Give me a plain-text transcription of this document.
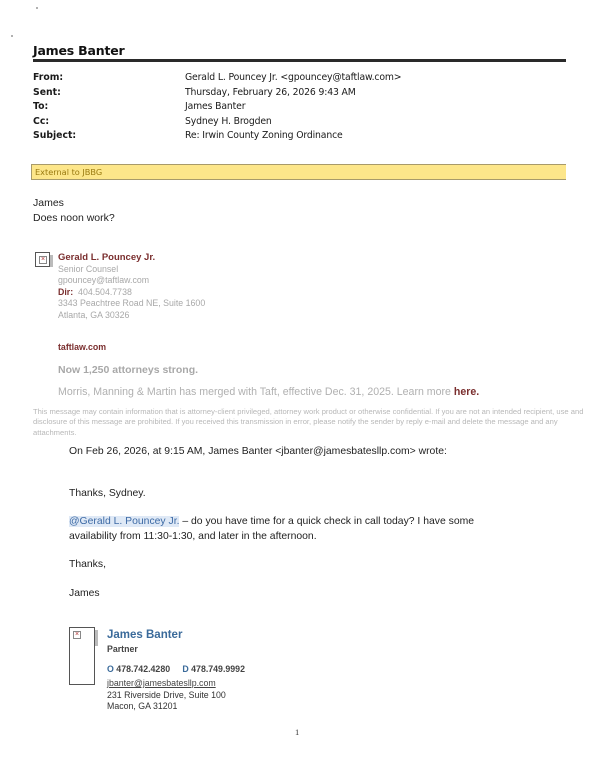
James Banter
From:	Gerald L. Pouncey Jr. <gpouncey@taftlaw.com>
Sent:	Thursday, February 26, 2026 9:43 AM
To:	James Banter
Cc:	Sydney H. Brogden
Subject:	Re: Irwin County Zoning Ordinance
External to JBBG
James
Does noon work?
× Gerald L. Pouncey Jr.
Senior Counsel
gpouncey@taftlaw.com
Dir: 404.504.7738
3343 Peachtree Road NE, Suite 1600
Atlanta, GA 30326
taftlaw.com
Now 1,250 attorneys strong.
Morris, Manning & Martin has merged with Taft, effective Dec. 31, 2025. Learn more here.
This message may contain information that is attorney-client privileged, attorney work product or otherwise confidential. If you are not an intended recipient, use and disclosure of this message are prohibited. If you received this transmission in error, please notify the sender by reply e-mail and delete the message and any attachments.
On Feb 26, 2026, at 9:15 AM, James Banter <jbanter@jamesbatesllp.com> wrote:
Thanks, Sydney.
@Gerald L. Pouncey Jr. – do you have time for a quick check in call today? I have some
availability from 11:30-1:30, and later in the afternoon.
Thanks,
James
× James Banter
Partner
O 478.742.4280 D 478.749.9992
jbanter@jamesbatesllp.com
231 Riverside Drive, Suite 100
Macon, GA 31201
1
